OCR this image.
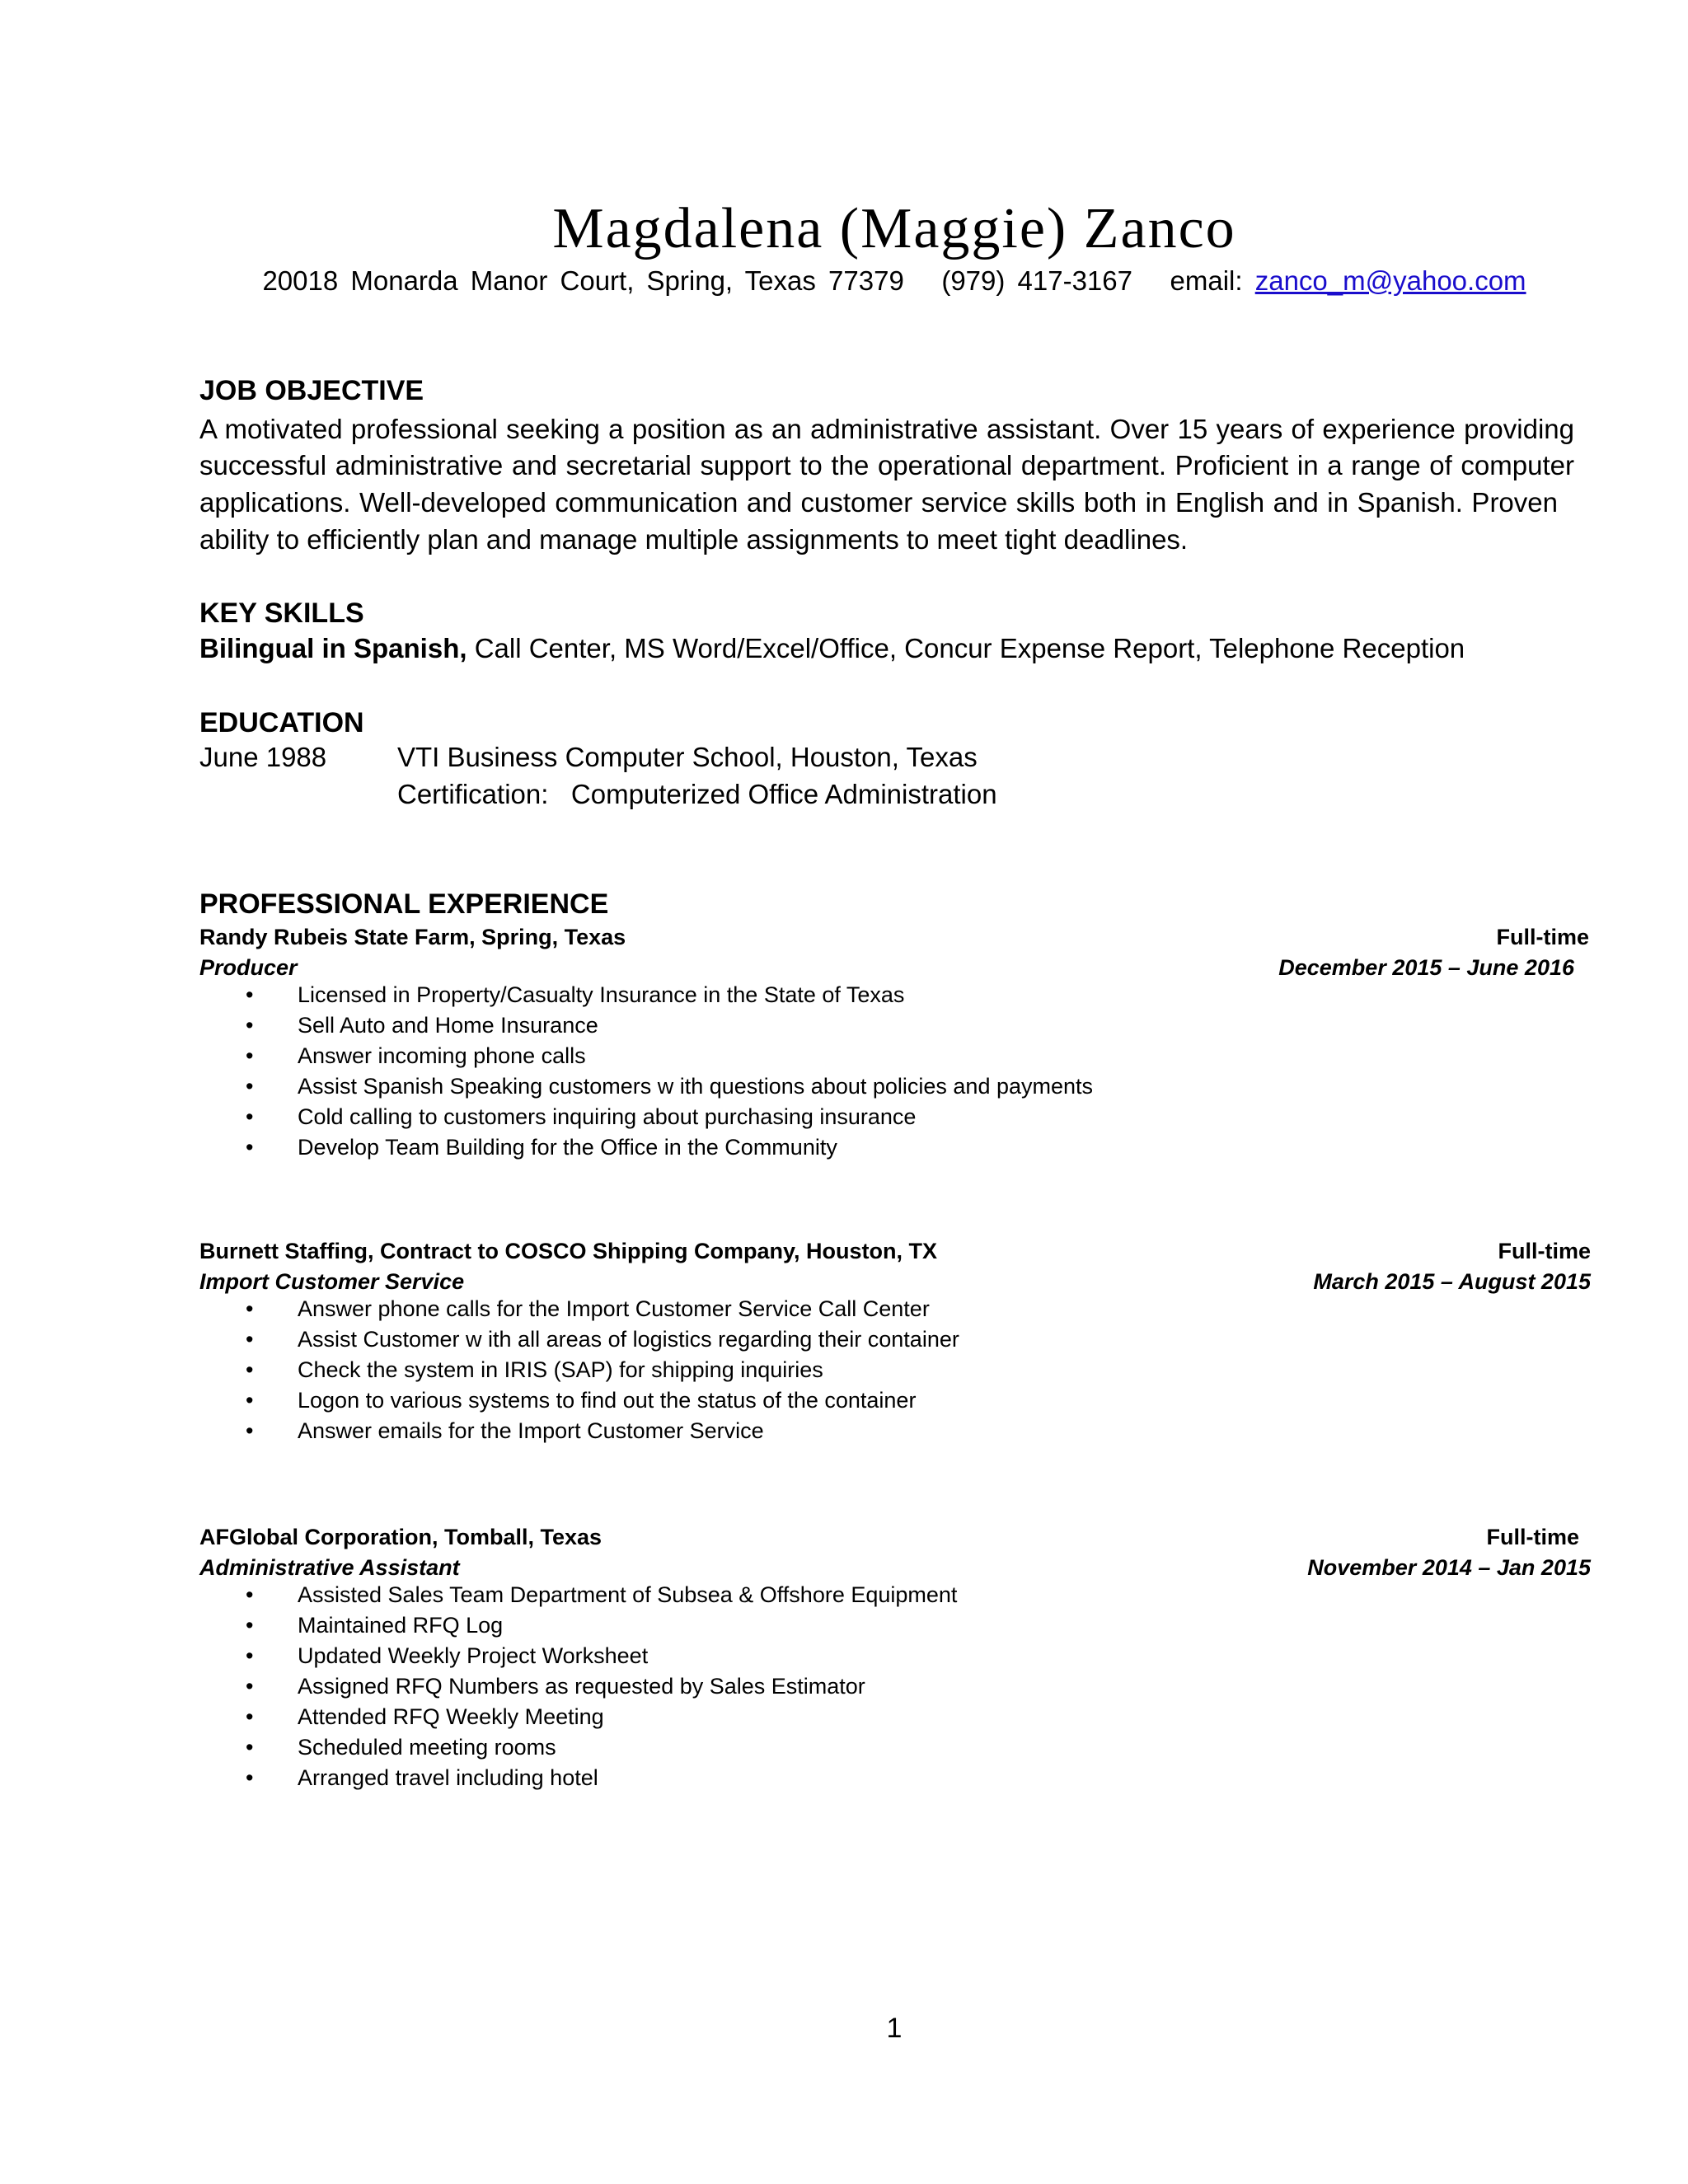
Magdalena (Maggie) Zanco
20018 Monarda Manor Court, Spring, Texas 77379 (979) 417-3167 email: zanco_m@yahoo.com
JOB OBJECTIVE
A motivated professional seeking a position as an administrative assistant. Over 15 years of experience providing
successful administrative and secretarial support to the operational department. Proficient in a range of computer
applications. Well-developed communication and customer service skills both in English and in Spanish. Proven
ability to efficiently plan and manage multiple assignments to meet tight deadlines.
KEY SKILLS
Bilingual in Spanish, Call Center, MS Word/Excel/Office, Concur Expense Report, Telephone Reception
EDUCATION
June 1988	VTI Business Computer School, Houston, Texas
Certification: Computerized Office Administration
PROFESSIONAL EXPERIENCE
Randy Rubeis State Farm, Spring, Texas	Full-time
Producer	December 2015 – June 2016
• Licensed in Property/Casualty Insurance in the State of Texas
• Sell Auto and Home Insurance
• Answer incoming phone calls
• Assist Spanish Speaking customers w ith questions about policies and payments
• Cold calling to customers inquiring about purchasing insurance
• Develop Team Building for the Office in the Community
Burnett Staffing, Contract to COSCO Shipping Company, Houston, TX	Full-time
Import Customer Service	March 2015 – August 2015
• Answer phone calls for the Import Customer Service Call Center
• Assist Customer w ith all areas of logistics regarding their container
• Check the system in IRIS (SAP) for shipping inquiries
• Logon to various systems to find out the status of the container
• Answer emails for the Import Customer Service
AFGlobal Corporation, Tomball, Texas	Full-time
Administrative Assistant	November 2014 – Jan 2015
• Assisted Sales Team Department of Subsea & Offshore Equipment
• Maintained RFQ Log
• Updated Weekly Project Worksheet
• Assigned RFQ Numbers as requested by Sales Estimator
• Attended RFQ Weekly Meeting
• Scheduled meeting rooms
• Arranged travel including hotel
1
